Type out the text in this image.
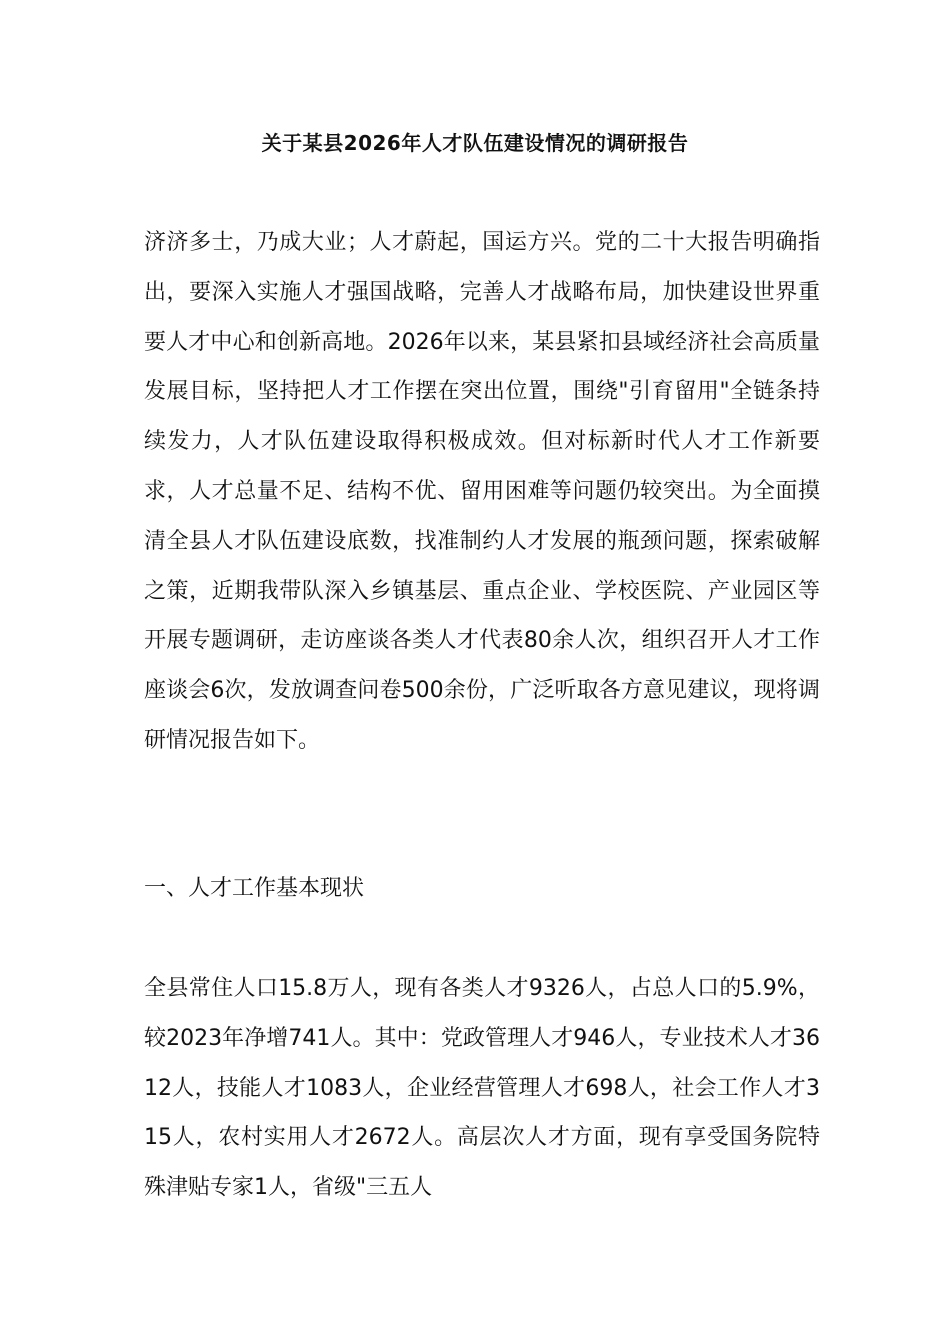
关于某县2026年人才队伍建设情况的调研报告

济济多士，乃成大业；人才蔚起，国运方兴。党的二十大报告明确指出，要深入实施人才强国战略，完善人才战略布局，加快建设世界重要人才中心和创新高地。2026年以来，某县紧扣县域经济社会高质量发展目标，坚持把人才工作摆在突出位置，围绕"引育留用"全链条持续发力，人才队伍建设取得积极成效。但对标新时代人才工作新要求，人才总量不足、结构不优、留用困难等问题仍较突出。为全面摸清全县人才队伍建设底数，找准制约人才发展的瓶颈问题，探索破解之策，近期我带队深入乡镇基层、重点企业、学校医院、产业园区等开展专题调研，走访座谈各类人才代表80余人次，组织召开人才工作座谈会6次，发放调查问卷500余份，广泛听取各方意见建议，现将调研情况报告如下。

一、人才工作基本现状

全县常住人口15.8万人，现有各类人才9326人，占总人口的5.9%，较2023年净增741人。其中：党政管理人才946人，专业技术人才3612人，技能人才1083人，企业经营管理人才698人，社会工作人才315人，农村实用人才2672人。高层次人才方面，现有享受国务院特殊津贴专家1人，省级"三五人
